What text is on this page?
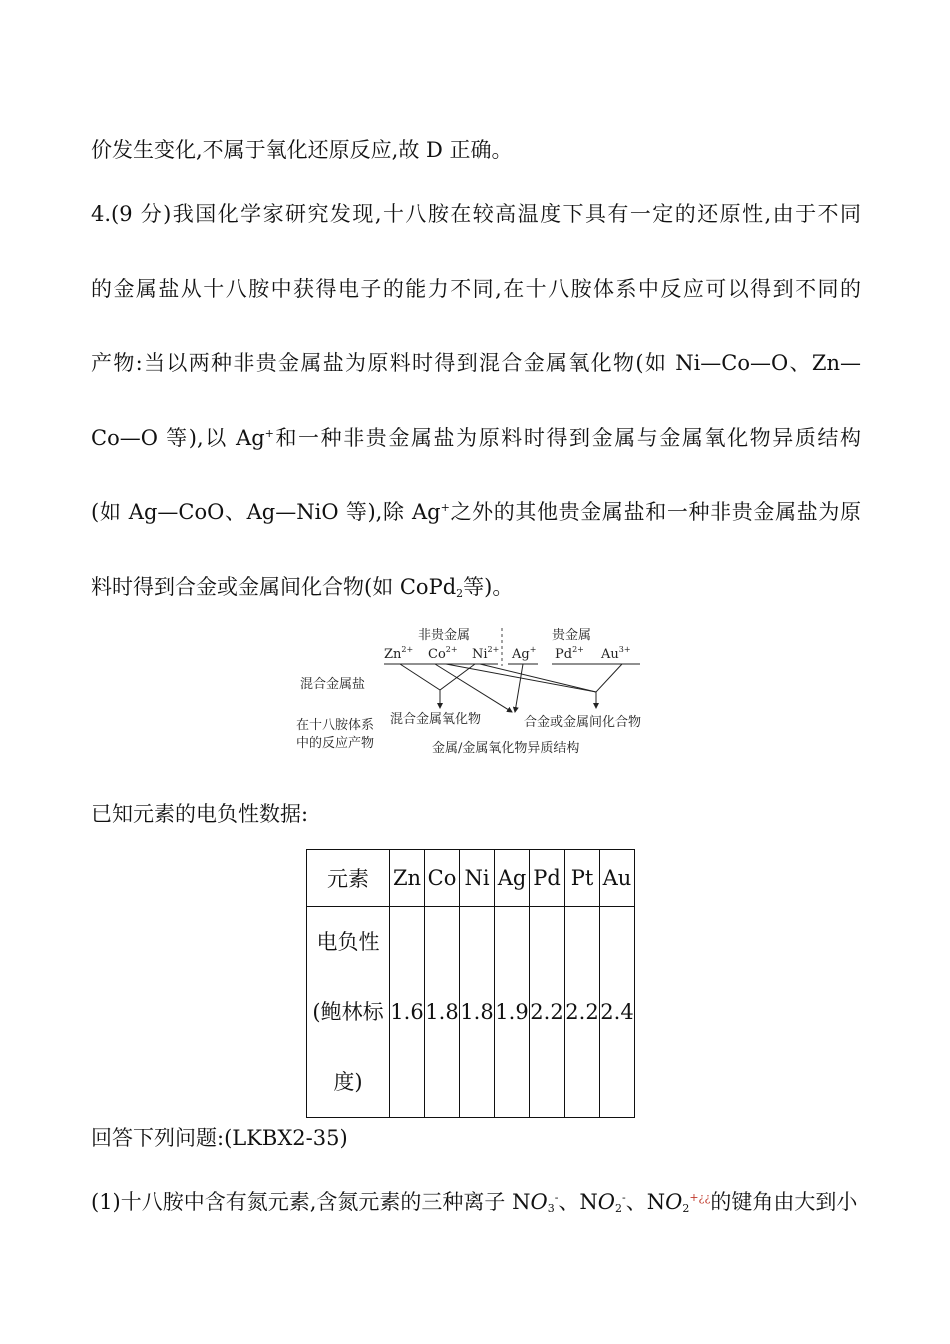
价发生变化,不属于氧化还原反应,故 D 正确。
4.(9 分)我国化学家研究发现,十八胺在较高温度下具有一定的还原性,由于不同
的金属盐从十八胺中获得电子的能力不同,在十八胺体系中反应可以得到不同的
产物:当以两种非贵金属盐为原料时得到混合金属氧化物(如 Ni—Co—O、Zn—
Co—O 等),以 Ag+和一种非贵金属盐为原料时得到金属与金属氧化物异质结构
(如 Ag—CoO、Ag—NiO 等),除 Ag+之外的其他贵金属盐和一种非贵金属盐为原
料时得到合金或金属间化合物(如 CoPd$_2$等)。
非贵金属	贵金属
$Zn^{2+}$ $Co^{2+}$ $Ni^{2+}$ Ag+ $Pd^{2+}$ $Au^{3+}$
混合金属盐
在十八胺体系
中的反应产物
混合金属氧化物	合金或金属间化合物
金属/金属氧化物异质结构
已知元素的电负性数据:
元素	Zn	Co	Ni	Ag	Pd	Pt	Au

电负性
(鲍林标
度)	1.6	1.8	1.8	1.9	2.2	2.2	2.4
回答下列问题:(LKBX2-35)
(1)十八胺中含有氮元素,含氮元素的三种离子 $NO_3^-$、$NO_2^-$、$NO_2^{+¿¿}$的键角由大到小
